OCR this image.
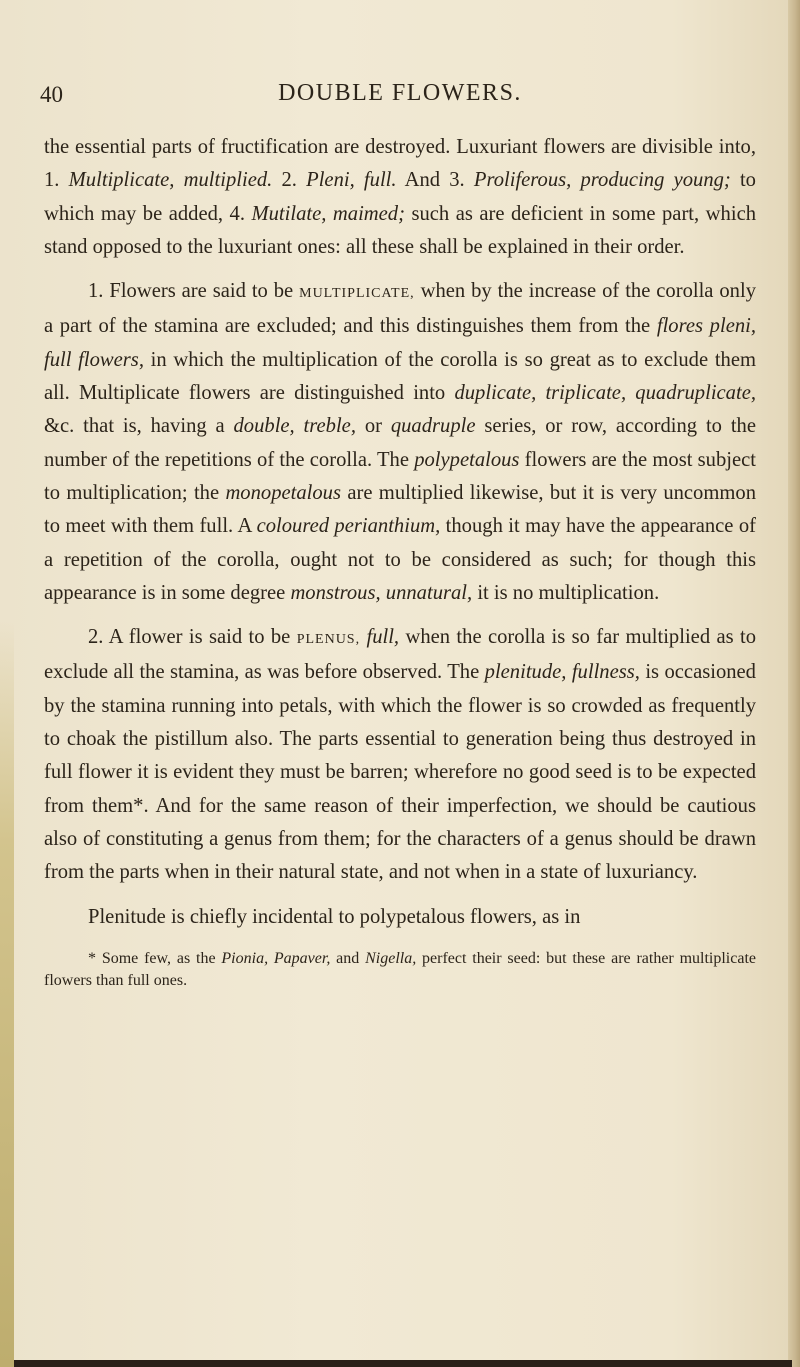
40	DOUBLE FLOWERS.

the essential parts of fructification are destroyed. Luxuriant flowers are divisible into, 1. Multiplicate, multiplied. 2. Pleni, full. And 3. Proliferous, producing young; to which may be added, 4. Mutilate, maimed; such as are deficient in some part, which stand opposed to the luxuriant ones: all these shall be explained in their order.

1. Flowers are said to be MULTIPLICATE, when by the increase of the corolla only a part of the stamina are excluded; and this distinguishes them from the flores pleni, full flowers, in which the multiplication of the corolla is so great as to exclude them all. Multiplicate flowers are distinguished into duplicate, triplicate, quadruplicate, &c. that is, having a double, treble, or quadruple series, or row, according to the number of the repetitions of the corolla. The polypetalous flowers are the most subject to multiplication; the monopetalous are multiplied likewise, but it is very uncommon to meet with them full. A coloured perianthium, though it may have the appearance of a repetition of the corolla, ought not to be considered as such; for though this appearance is in some degree monstrous, unnatural, it is no multiplication.

2. A flower is said to be PLENUS, full, when the corolla is so far multiplied as to exclude all the stamina, as was before observed. The plenitude, fullness, is occasioned by the stamina running into petals, with which the flower is so crowded as frequently to choak the pistillum also. The parts essential to generation being thus destroyed in full flower it is evident they must be barren; wherefore no good seed is to be expected from them*. And for the same reason of their imperfection, we should be cautious also of constituting a genus from them; for the characters of a genus should be drawn from the parts when in their natural state, and not when in a state of luxuriancy.

Plenitude is chiefly incidental to polypetalous flowers, as in

* Some few, as the Pionia, Papaver, and Nigella, perfect their seed: but these are rather multiplicate flowers than full ones.
